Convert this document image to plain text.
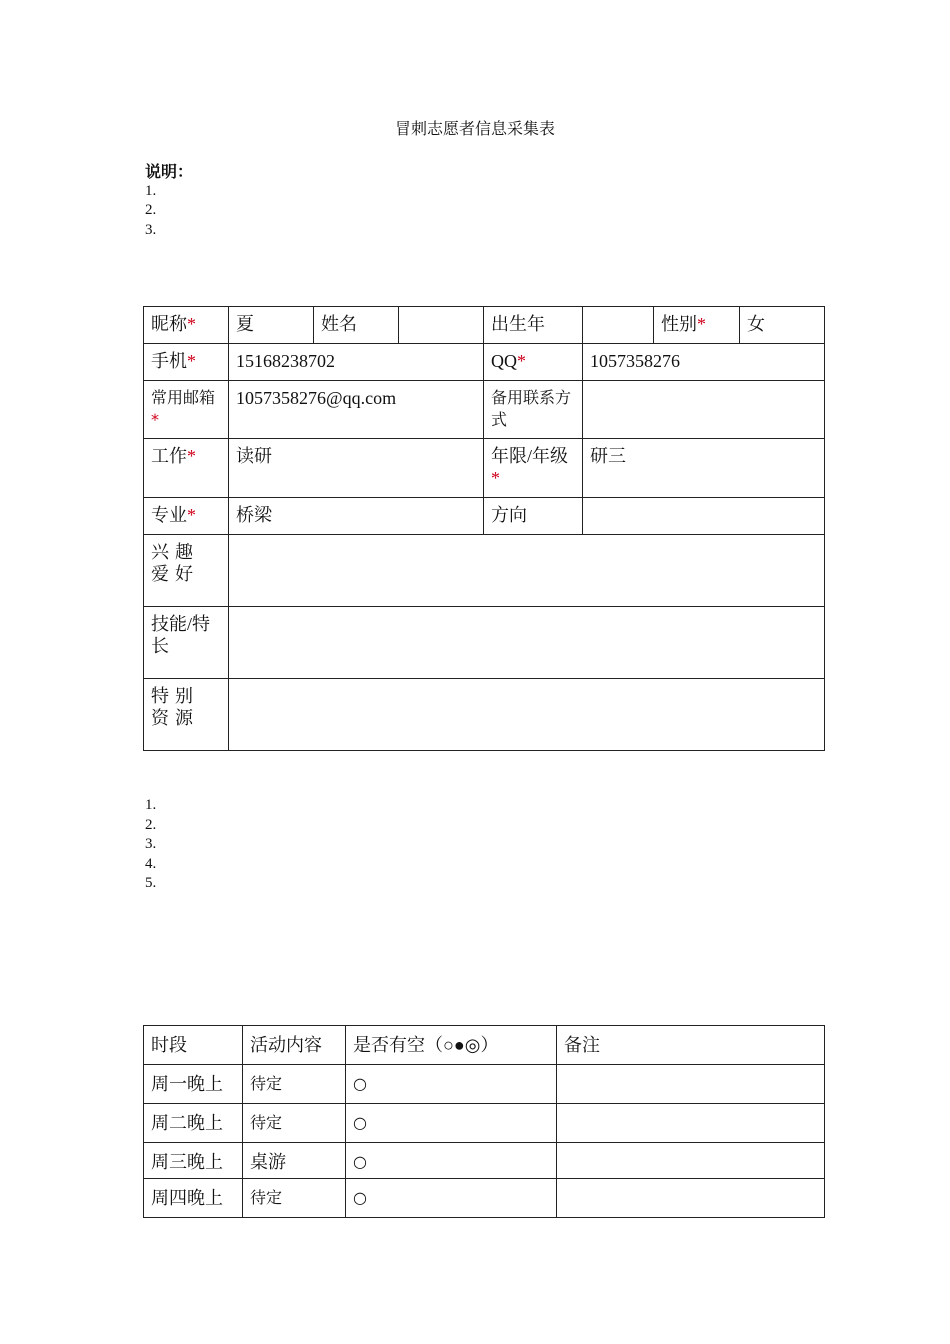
冒刺志愿者信息采集表
说明：
1.
2.
3.
昵称*	夏	姓名		出生年		性别*	女
手机*	15168238702			QQ*	1057358276		
常用邮箱*	1057358276@qq.com			备用联系方式			
工作*	读研			年限/年级*	研三		
专业*	桥梁			方向			
兴趣爱好							
技能/特长							
特别资源							
1.
2.
3.
4.
5.
时段	活动内容	是否有空（○●◎）	备注
周一晚上	待定	○	
周二晚上	待定	○	
周三晚上	桌游	○	
周四晚上	待定	○	
